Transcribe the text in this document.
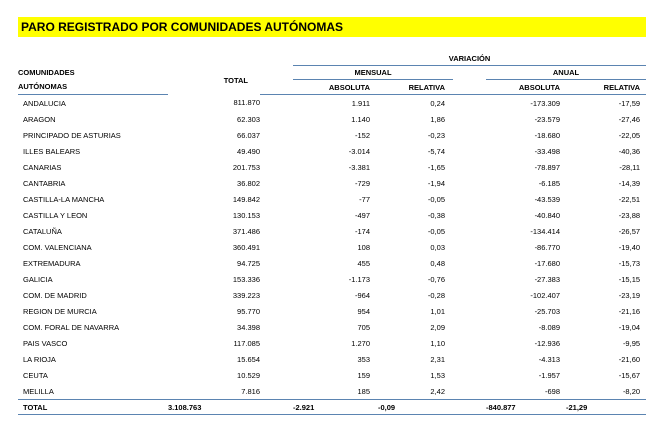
PARO REGISTRADO POR COMUNIDADES AUTÓNOMAS
			VARIACIÓN				
COMUNIDADES	TOTAL		MENSUAL			ANUAL	
AUTÓNOMAS			ABSOLUTA	RELATIVA		ABSOLUTA	RELATIVA
ANDALUCIA	811.870		1.911	0,24		-173.309	-17,59
ARAGON	62.303		1.140	1,86		-23.579	-27,46
PRINCIPADO DE ASTURIAS	66.037		-152	-0,23		-18.680	-22,05
ILLES BALEARS	49.490		-3.014	-5,74		-33.498	-40,36
CANARIAS	201.753		-3.381	-1,65		-78.897	-28,11
CANTABRIA	36.802		-729	-1,94		-6.185	-14,39
CASTILLA-LA MANCHA	149.842		-77	-0,05		-43.539	-22,51
CASTILLA Y LEON	130.153		-497	-0,38		-40.840	-23,88
CATALUÑA	371.486		-174	-0,05		-134.414	-26,57
COM. VALENCIANA	360.491		108	0,03		-86.770	-19,40
EXTREMADURA	94.725		455	0,48		-17.680	-15,73
GALICIA	153.336		-1.173	-0,76		-27.383	-15,15
COM. DE MADRID	339.223		-964	-0,28		-102.407	-23,19
REGION DE MURCIA	95.770		954	1,01		-25.703	-21,16
COM. FORAL DE NAVARRA	34.398		705	2,09		-8.089	-19,04
PAIS VASCO	117.085		1.270	1,10		-12.936	-9,95
LA RIOJA	15.654		353	2,31		-4.313	-21,60
CEUTA	10.529		159	1,53		-1.957	-15,67
MELILLA	7.816		185	2,42		-698	-8,20
TOTAL	3.108.763		-2.921	-0,09		-840.877	-21,29
